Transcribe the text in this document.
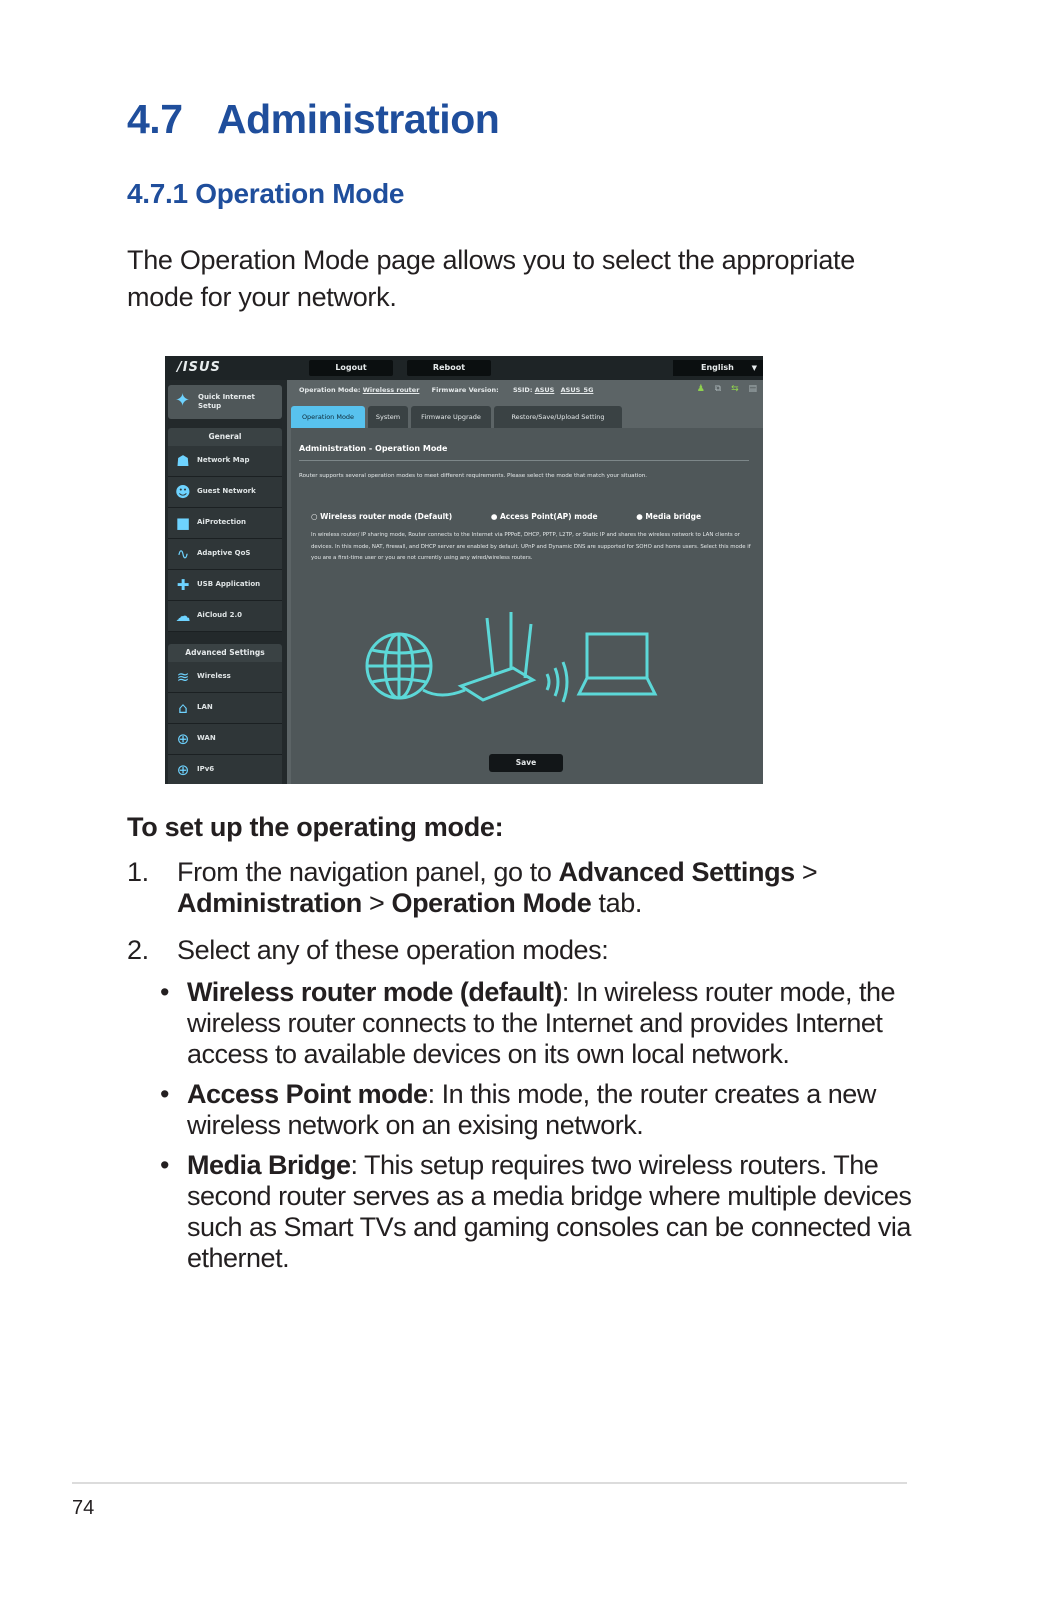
4.7 Administration
4.7.1 Operation Mode
The Operation Mode page allows you to select the appropriate mode for your network.
/ISUS	Logout	Reboot	English	▼
✦ Quick Internet Setup
General
☗	Network Map
☻ Guest Network
■ AiProtection
∿	Adaptive QoS
✚	USB Application
☁ AiCloud 2.0
Advanced Settings
≋	Wireless
⌂	LAN
⊕	WAN
⊕	IPv6
Operation Mode: Wireless router Firmware Version: SSID: ASUS ASUS_5G	♟ ⧉ ⇆ ▤
Operation Mode	System	Firmware Upgrade	Restore/Save/Upload Setting
Administration - Operation Mode
Router supports several operation modes to meet different requirements. Please select the mode that match your situation.
○ Wireless router mode (Default)	● Access Point(AP) mode	● Media bridge
In wireless router/ IP sharing mode, Router connects to the Internet via PPPoE, DHCP, PPTP, L2TP, or Static IP and shares the wireless network to LAN clients or devices. In this mode, NAT, firewall, and DHCP server are enabled by default. UPnP and Dynamic DNS are supported for SOHO and home users. Select this mode if you are a first-time user or you are not currently using any wired/wireless routers.
Save
To set up the operating mode:
1. From the navigation panel, go to Advanced Settings > Administration > Operation Mode tab.
2. Select any of these operation modes:
• Wireless router mode (default): In wireless router mode, the wireless router connects to the Internet and provides Internet access to available devices on its own local network.
• Access Point mode: In this mode, the router creates a new wireless network on an exising network.
• Media Bridge: This setup requires two wireless routers. The second router serves as a media bridge where multiple devices such as Smart TVs and gaming consoles can be connected via ethernet.
74
